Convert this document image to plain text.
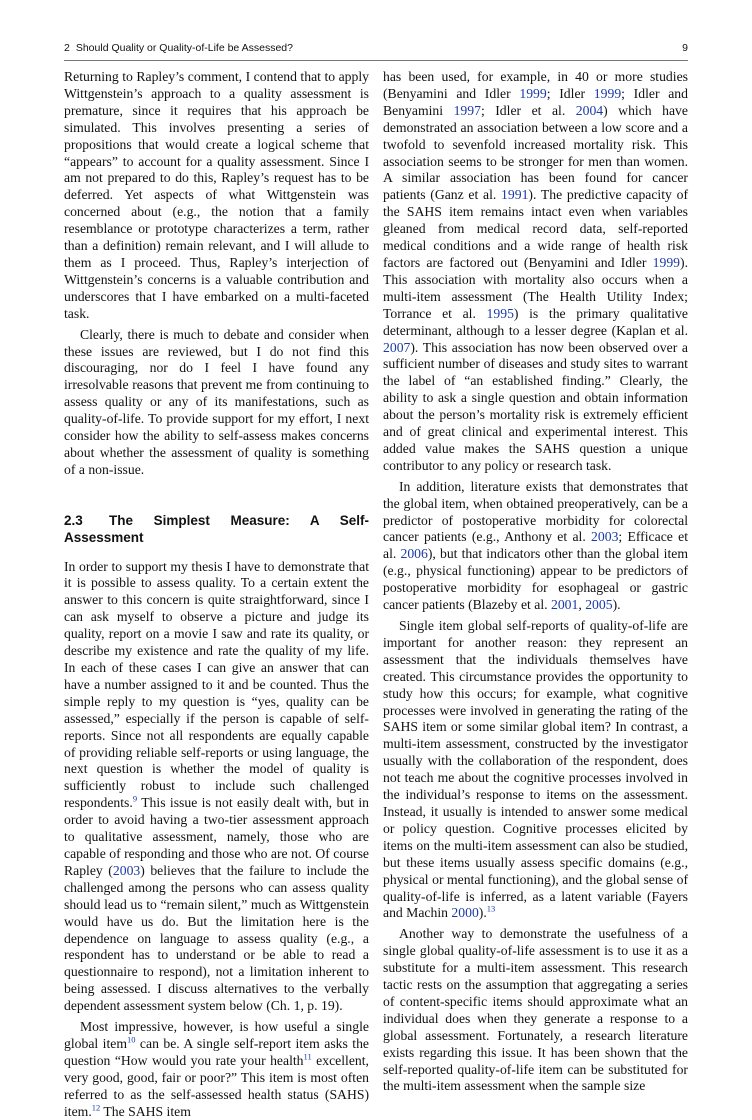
2 Should Quality or Quality-of-Life be Assessed?	9

Returning to Rapley’s comment, I contend that to apply Wittgenstein’s approach to a quality assessment is premature, since it requires that his approach be simulated. This involves presenting a series of propositions that would create a logical scheme that “appears” to account for a quality assessment. Since I am not prepared to do this, Rapley’s request has to be deferred. Yet aspects of what Wittgenstein was concerned about (e.g., the notion that a family resemblance or prototype characterizes a term, rather than a definition) remain relevant, and I will allude to them as I proceed. Thus, Rapley’s interjection of Wittgenstein’s concerns is a valuable contribution and underscores that I have embarked on a multi-faceted task.

Clearly, there is much to debate and consider when these issues are reviewed, but I do not find this discouraging, nor do I feel I have found any irresolvable reasons that prevent me from continuing to assess quality or any of its manifestations, such as quality-of-life. To provide support for my effort, I next consider how the ability to self-assess makes concerns about whether the assessment of quality is something of a non-issue.

2.3 The Simplest Measure: A Self-Assessment

In order to support my thesis I have to demonstrate that it is possible to assess quality. To a certain extent the answer to this concern is quite straightforward, since I can ask myself to observe a picture and judge its quality, report on a movie I saw and rate its quality, or describe my existence and rate the quality of my life. In each of these cases I can give an answer that can have a number assigned to it and be counted. Thus the simple reply to my question is “yes, quality can be assessed,” especially if the person is capable of self-reports. Since not all respondents are equally capable of providing reliable self-reports or using language, the next question is whether the model of quality is sufficiently robust to include such challenged respondents.$^9$ This issue is not easily dealt with, but in order to avoid having a two-tier assessment approach to qualitative assessment, namely, those who are capable of responding and those who are not. Of course Rapley (2003) believes that the failure to include the challenged among the persons who can assess quality should lead us to “remain silent,” much as Wittgenstein would have us do. But the limitation here is the dependence on language to assess quality (e.g., a respondent has to understand or be able to read a questionnaire to respond), not a limitation inherent to being assessed. I discuss alternatives to the verbally dependent assessment system below (Ch. 1, p. 19).

Most impressive, however, is how useful a single global item$^{10}$ can be. A single self-report item asks the question “How would you rate your health$^{11}$ excellent, very good, good, fair or poor?” This item is most often referred to as the self-assessed health status (SAHS) item.$^{12}$ The SAHS item

has been used, for example, in 40 or more studies (Benyamini and Idler 1999; Idler 1999; Idler and Benyamini 1997; Idler et al. 2004) which have demonstrated an association between a low score and a twofold to sevenfold increased mortality risk. This association seems to be stronger for men than women. A similar association has been found for cancer patients (Ganz et al. 1991). The predictive capacity of the SAHS item remains intact even when variables gleaned from medical record data, self-reported medical conditions and a wide range of health risk factors are factored out (Benyamini and Idler 1999). This association with mortality also occurs when a multi-item assessment (The Health Utility Index; Torrance et al. 1995) is the primary qualitative determinant, although to a lesser degree (Kaplan et al. 2007). This association has now been observed over a sufficient number of diseases and study sites to warrant the label of “an established finding.” Clearly, the ability to ask a single question and obtain information about the person’s mortality risk is extremely efficient and of great clinical and experimental interest. This added value makes the SAHS question a unique contributor to any policy or research task.

In addition, literature exists that demonstrates that the global item, when obtained preoperatively, can be a predictor of postoperative morbidity for colorectal cancer patients (e.g., Anthony et al. 2003; Efficace et al. 2006), but that indicators other than the global item (e.g., physical functioning) appear to be predictors of postoperative morbidity for esophageal or gastric cancer patients (Blazeby et al. 2001, 2005).

Single item global self-reports of quality-of-life are important for another reason: they represent an assessment that the individuals themselves have created. This circumstance provides the opportunity to study how this occurs; for example, what cognitive processes were involved in generating the rating of the SAHS item or some similar global item? In contrast, a multi-item assessment, constructed by the investigator usually with the collaboration of the respondent, does not teach me about the cognitive processes involved in the individual’s response to items on the assessment. Instead, it usually is intended to answer some medical or policy question. Cognitive processes elicited by items on the multi-item assessment can also be studied, but these items usually assess specific domains (e.g., physical or mental functioning), and the global sense of quality-of-life is inferred, as a latent variable (Fayers and Machin 2000).$^{13}$

Another way to demonstrate the usefulness of a single global quality-of-life assessment is to use it as a substitute for a multi-item assessment. This research tactic rests on the assumption that aggregating a series of content-specific items should approximate what an individual does when they generate a response to a global assessment. Fortunately, a research literature exists regarding this issue. It has been shown that the self-reported quality-of-life item can be substituted for the multi-item assessment when the sample size
